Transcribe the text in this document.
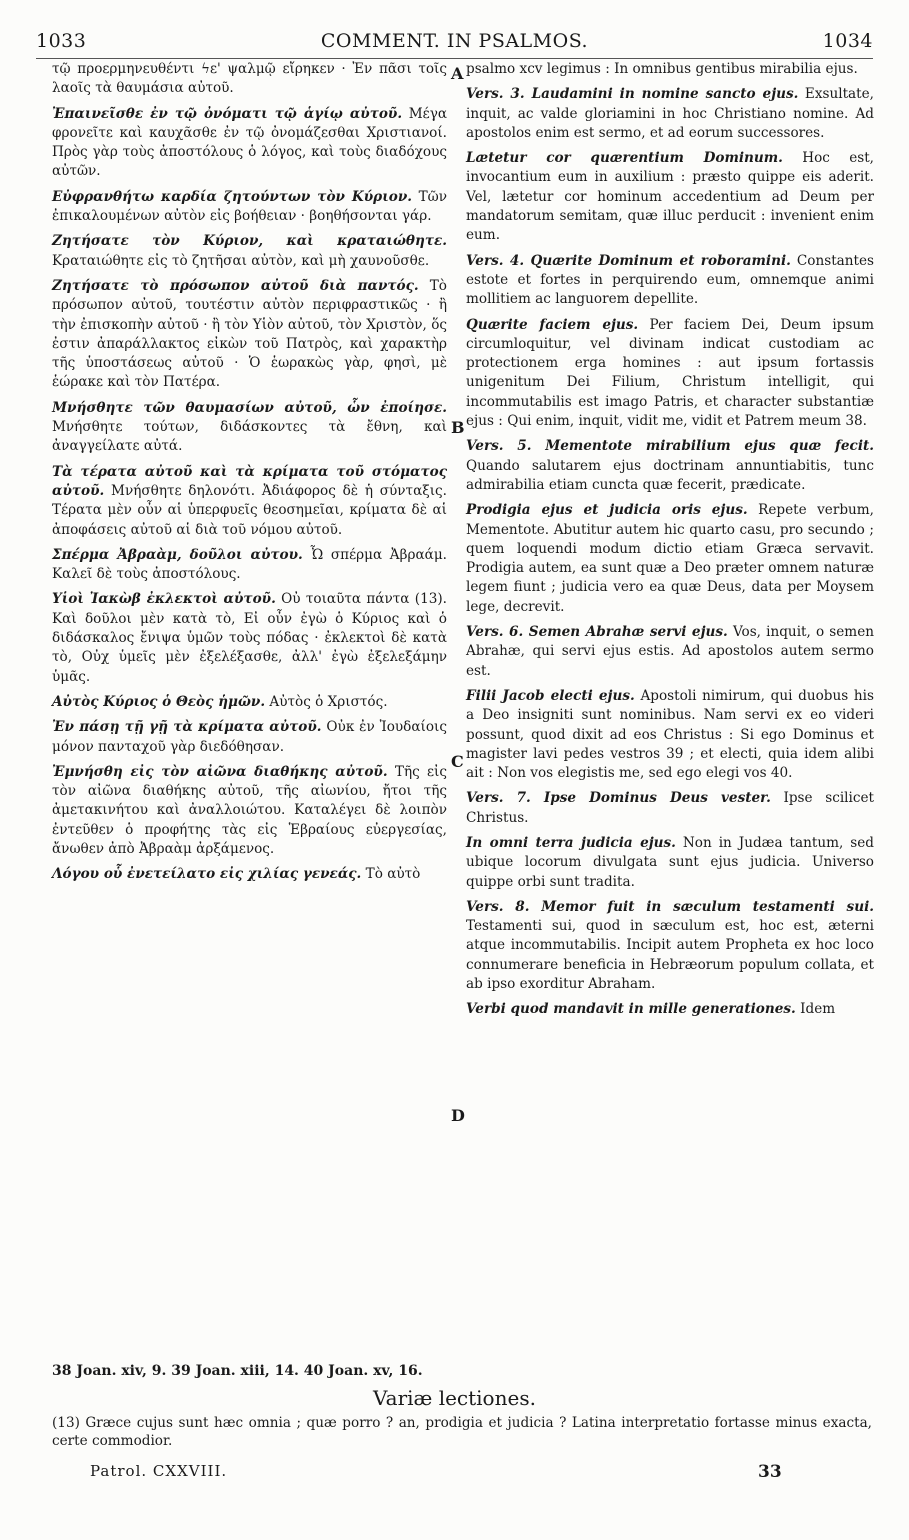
1033	COMMENT. IN PSALMOS.	1034
τῷ προερμηνευθέντι ϟε' ψαλμῷ εἴρηκεν · Ἐν πᾶσι τοῖς λαοῖς τὰ θαυμάσια αὐτοῦ.
Ἐπαινεῖσθε ἐν τῷ ὀνόματι τῷ ἁγίῳ αὐτοῦ. Μέγα φρονεῖτε καὶ καυχᾶσθε ἐν τῷ ὀνομάζεσθαι Χριστιανοί. Πρὸς γὰρ τοὺς ἀποστόλους ὁ λόγος, καὶ τοὺς διαδόχους αὐτῶν.
Εὐφρανθήτω καρδία ζητούντων τὸν Κύριον. Τῶν ἐπικαλουμένων αὐτὸν εἰς βοήθειαν · βοηθήσονται γάρ.
Ζητήσατε τὸν Κύριον, καὶ κραταιώθητε. Κραταιώθητε εἰς τὸ ζητῆσαι αὐτὸν, καὶ μὴ χαυνοῦσθε.
Ζητήσατε τὸ πρόσωπον αὐτοῦ διὰ παντός. Τὸ πρόσωπον αὐτοῦ, τουτέστιν αὐτὸν περιφραστικῶς · ἢ τὴν ἐπισκοπὴν αὐτοῦ · ἢ τὸν Υἱὸν αὐτοῦ, τὸν Χριστὸν, ὅς ἐστιν ἀπαράλλακτος εἰκὼν τοῦ Πατρὸς, καὶ χαρακτὴρ τῆς ὑποστάσεως αὐτοῦ · Ὁ ἑωρακὼς γὰρ, φησὶ, μὲ ἑώρακε καὶ τὸν Πατέρα.
Μνήσθητε τῶν θαυμασίων αὐτοῦ, ὧν ἐποίησε. Μνήσθητε τούτων, διδάσκοντες τὰ ἔθνη, καὶ ἀναγγείλατε αὐτά.
Τὰ τέρατα αὐτοῦ καὶ τὰ κρίματα τοῦ στόματος αὐτοῦ. Μνήσθητε δηλονότι. Ἀδιάφορος δὲ ἡ σύνταξις. Τέρατα μὲν οὖν αἱ ὑπερφυεῖς θεοσημεῖαι, κρίματα δὲ αἱ ἀποφάσεις αὐτοῦ αἱ διὰ τοῦ νόμου αὐτοῦ.
Σπέρμα Ἀβραὰμ, δοῦλοι αὐτου. Ὦ σπέρμα Ἀβραάμ. Καλεῖ δὲ τοὺς ἀποστόλους.
Υἱοὶ Ἰακὼβ ἐκλεκτοὶ αὐτοῦ. Οὐ τοιαῦτα πάντα (13). Καὶ δοῦλοι μὲν κατὰ τὸ, Εἰ οὖν ἐγὼ ὁ Κύριος καὶ ὁ διδάσκαλος ἔνιψα ὑμῶν τοὺς πόδας · ἐκλεκτοὶ δὲ κατὰ τὸ, Οὐχ ὑμεῖς μὲν ἐξελέξασθε, ἀλλ' ἐγὼ ἐξελεξάμην ὑμᾶς.
Αὐτὸς Κύριος ὁ Θεὸς ἡμῶν. Αὐτὸς ὁ Χριστός.
Ἐν πάσῃ τῇ γῇ τὰ κρίματα αὐτοῦ. Οὐκ ἐν Ἰουδαίοις μόνον πανταχοῦ γὰρ διεδόθησαν.
Ἐμνήσθη εἰς τὸν αἰῶνα διαθήκης αὐτοῦ. Τῆς εἰς τὸν αἰῶνα διαθήκης αὐτοῦ, τῆς αἰωνίου, ἤτοι τῆς ἀμετακινήτου καὶ ἀναλλοιώτου. Καταλέγει δὲ λοιπὸν ἐντεῦθεν ὁ προφήτης τὰς εἰς Ἑβραίους εὐεργεσίας, ἄνωθεν ἀπὸ Ἀβραὰμ ἀρξάμενος.
Λόγου οὗ ἐνετείλατο εἰς χιλίας γενεάς. Τὸ αὐτὸ
psalmo xcv legimus : In omnibus gentibus mirabilia ejus.
Vers. 3. Laudamini in nomine sancto ejus. Exsultate, inquit, ac valde gloriamini in hoc Christiano nomine. Ad apostolos enim est sermo, et ad eorum successores.
Lætetur cor quærentium Dominum. Hoc est, invocantium eum in auxilium : præsto quippe eis aderit. Vel, lætetur cor hominum accedentium ad Deum per mandatorum semitam, quæ illuc perducit : invenient enim eum.
Vers. 4. Quærite Dominum et roboramini. Constantes estote et fortes in perquirendo eum, omnemque animi mollitiem ac languorem depellite.
Quærite faciem ejus. Per faciem Dei, Deum ipsum circumloquitur, vel divinam indicat custodiam ac protectionem erga homines : aut ipsum fortassis unigenitum Dei Filium, Christum intelligit, qui incommutabilis est imago Patris, et character substantiæ ejus : Qui enim, inquit, vidit me, vidit et Patrem meum 38.
Vers. 5. Mementote mirabilium ejus quæ fecit. Quando salutarem ejus doctrinam annuntiabitis, tunc admirabilia etiam cuncta quæ fecerit, prædicate.
Prodigia ejus et judicia oris ejus. Repete verbum, Mementote. Abutitur autem hic quarto casu, pro secundo ; quem loquendi modum dictio etiam Græca servavit. Prodigia autem, ea sunt quæ a Deo præter omnem naturæ legem fiunt ; judicia vero ea quæ Deus, data per Moysem lege, decrevit.
Vers. 6. Semen Abrahæ servi ejus. Vos, inquit, o semen Abrahæ, qui servi ejus estis. Ad apostolos autem sermo est.
Filii Jacob electi ejus. Apostoli nimirum, qui duobus his a Deo insigniti sunt nominibus. Nam servi ex eo videri possunt, quod dixit ad eos Christus : Si ego Dominus et magister lavi pedes vestros 39 ; et electi, quia idem alibi ait : Non vos elegistis me, sed ego elegi vos 40.
Vers. 7. Ipse Dominus Deus vester. Ipse scilicet Christus.
In omni terra judicia ejus. Non in Judæa tantum, sed ubique locorum divulgata sunt ejus judicia. Universo quippe orbi sunt tradita.
Vers. 8. Memor fuit in sæculum testamenti sui. Testamenti sui, quod in sæculum est, hoc est, æterni atque incommutabilis. Incipit autem Propheta ex hoc loco connumerare beneficia in Hebræorum populum collata, et ab ipso exorditur Abraham.
Verbi quod mandavit in mille generationes. Idem
A
B
C
D
38 Joan. xiv, 9. 39 Joan. xiii, 14. 40 Joan. xv, 16.
Variæ lectiones.
(13) Græce cujus sunt hæc omnia ; quæ porro ? an, prodigia et judicia ? Latina interpretatio fortasse minus exacta, certe commodior.
Patrol. CXXVIII.	33
